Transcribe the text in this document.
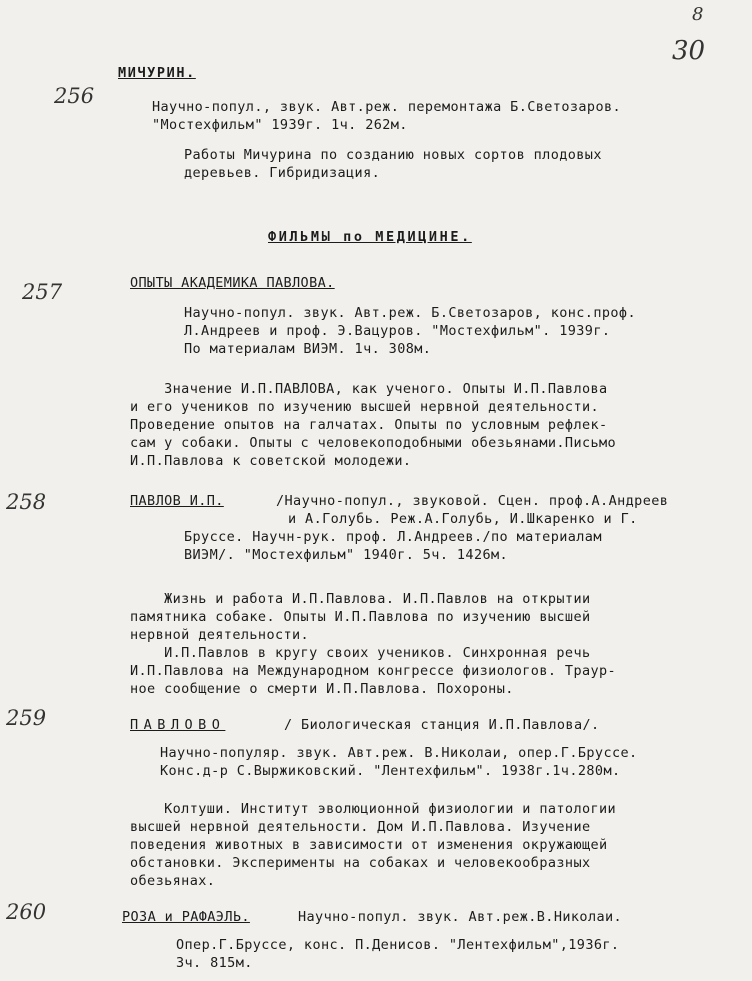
8
30
256
МИЧУРИН.
Научно-попул., звук. Авт.реж. перемонтажа Б.Светозаров.
"Мостехфильм" 1939г. 1ч. 262м.
Работы Мичурина по созданию новых сортов плодовых
деревьев. Гибридизация.
ФИЛЬМЫ по МЕДИЦИНЕ.
257	ОПЫТЫ АКАДЕМИКА ПАВЛОВА.
Научно-попул. звук. Авт.реж. Б.Светозаров, конс.проф.
Л.Андреев и проф. Э.Вацуров. "Мостехфильм". 1939г.
По материалам ВИЭМ. 1ч. 308м.
Значение И.П.ПАВЛОВА, как ученого. Опыты И.П.Павлова
и его учеников по изучению высшей нервной деятельности.
Проведение опытов на галчатах. Опыты по условным рефлек-
сам у собаки. Опыты с человекоподобными обезьянами.Письмо
И.П.Павлова к советской молодежи.
258	ПАВЛОВ И.П.	/Научно-попул., звуковой. Сцен. проф.А.Андреев
и А.Голубь. Реж.А.Голубь, И.Шкаренко и Г.
Бруссе. Научн-рук. проф. Л.Андреев./по материалам
ВИЭМ/. "Мостехфильм" 1940г. 5ч. 1426м.
Жизнь и работа И.П.Павлова. И.П.Павлов на открытии
памятника собаке. Опыты И.П.Павлова по изучению высшей
нервной деятельности.
И.П.Павлов в кругу своих учеников. Синхронная речь
И.П.Павлова на Международном конгрессе физиологов. Траур-
ное сообщение о смерти И.П.Павлова. Похороны.
259	ПАВЛОВО	/ Биологическая станция И.П.Павлова/.
Научно-популяр. звук. Авт.реж. В.Николаи, опер.Г.Бруссе.
Конс.д-р С.Выржиковский. "Лентехфильм". 1938г.1ч.280м.
Колтуши. Институт эволюционной физиологии и патологии
высшей нервной деятельности. Дом И.П.Павлова. Изучение
поведения животных в зависимости от изменения окружающей
обстановки. Эксперименты на собаках и человекообразных
обезьянах.
260	РОЗА и РАФАЭЛЬ.	Научно-попул. звук. Авт.реж.В.Николаи.
Опер.Г.Бруссе, конс. П.Денисов. "Лентехфильм",1936г.
3ч. 815м.
